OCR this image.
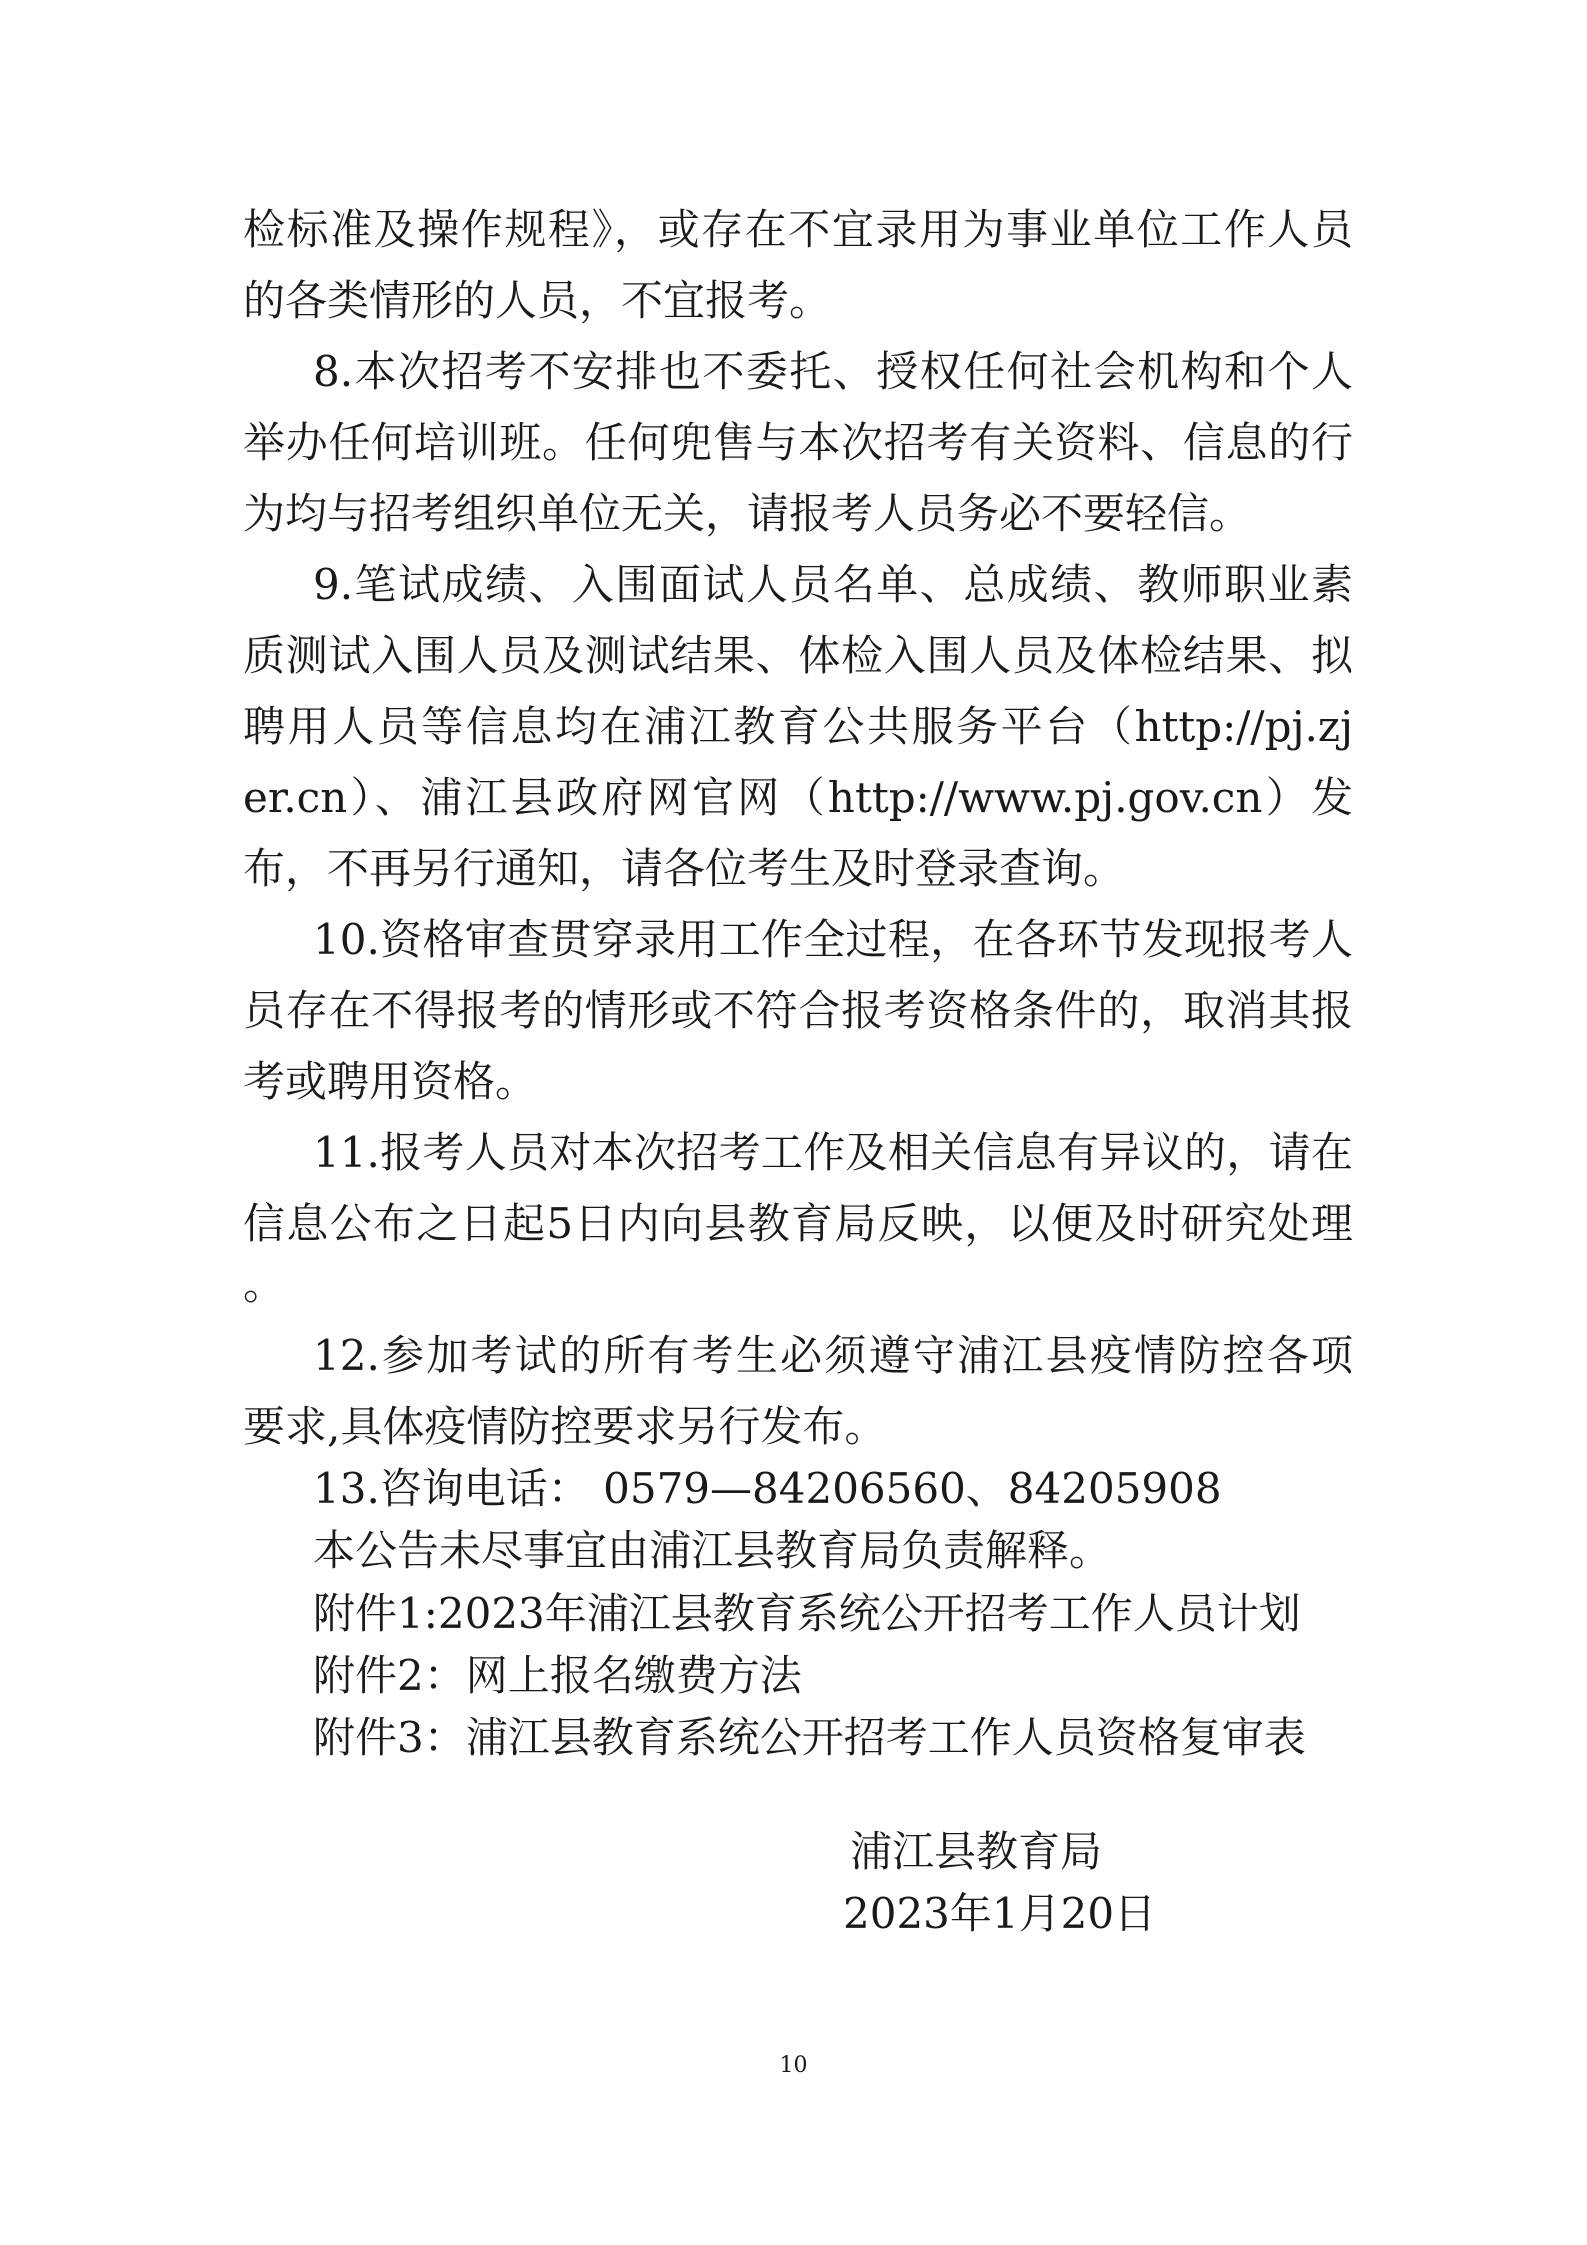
检标准及操作规程》，或存在不宜录用为事业单位工作人员
的各类情形的人员，不宜报考。
8.本次招考不安排也不委托、授权任何社会机构和个人
举办任何培训班。任何兜售与本次招考有关资料、信息的行
为均与招考组织单位无关，请报考人员务必不要轻信。
9.笔试成绩、入围面试人员名单、总成绩、教师职业素
质测试入围人员及测试结果、体检入围人员及体检结果、拟
聘用人员等信息均在浦江教育公共服务平台（http://pj.zj
er.cn）、浦江县政府网官网（http://www.pj.gov.cn）发
布，不再另行通知，请各位考生及时登录查询。
10.资格审查贯穿录用工作全过程，在各环节发现报考人
员存在不得报考的情形或不符合报考资格条件的，取消其报
考或聘用资格。
11.报考人员对本次招考工作及相关信息有异议的，请在
信息公布之日起5日内向县教育局反映，以便及时研究处理
。
12.参加考试的所有考生必须遵守浦江县疫情防控各项
要求,具体疫情防控要求另行发布。
13.咨询电话： 0579—84206560、84205908
本公告未尽事宜由浦江县教育局负责解释。
附件1:2023年浦江县教育系统公开招考工作人员计划
附件2：网上报名缴费方法
附件3：浦江县教育系统公开招考工作人员资格复审表
浦江县教育局
2023年1月20日
10
